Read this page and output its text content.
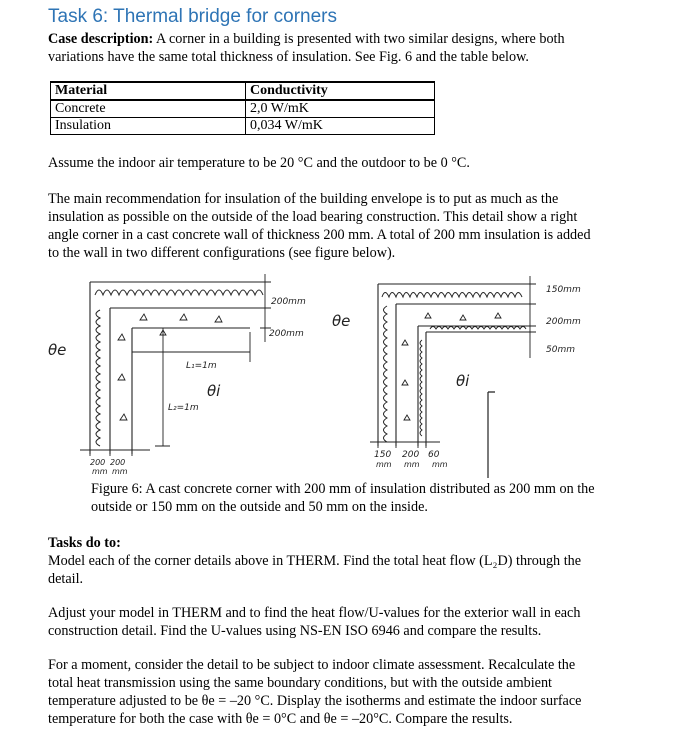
Task 6: Thermal bridge for corners
Case description: A corner in a building is presented with two similar designs, where both
variations have the same total thickness of insulation. See Fig. 6 and the table below.
Material	Conductivity
Concrete	2,0 W/mK
Insulation	0,034 W/mK
Assume the indoor air temperature to be 20 °C and the outdoor to be 0 °C.
The main recommendation for insulation of the building envelope is to put as much as the
insulation as possible on the outside of the load bearing construction. This detail show a right
angle corner in a cast concrete wall of thickness 200 mm. A total of 200 mm insulation is added
to the wall in two different configurations (see figure below).
θe
θi
200mm
200mm
L₁=1m
L₂=1m
200
mm
200
mm
θe
θi
150mm
200mm
50mm
150
mm
200
mm
60
mm
Figure 6: A cast concrete corner with 200 mm of insulation distributed as 200 mm on the
outside or 150 mm on the outside and 50 mm on the inside.
Tasks do to:
Model each of the corner details above in THERM. Find the total heat flow (L₂D) through the
detail.
Adjust your model in THERM and to find the heat flow/U-values for the exterior wall in each
construction detail. Find the U-values using NS-EN ISO 6946 and compare the results.
For a moment, consider the detail to be subject to indoor climate assessment. Recalculate the
total heat transmission using the same boundary conditions, but with the outside ambient
temperature adjusted to be θe = –20 °C. Display the isotherms and estimate the indoor surface
temperature for both the case with θe = 0°C and θe = –20°C. Compare the results.
